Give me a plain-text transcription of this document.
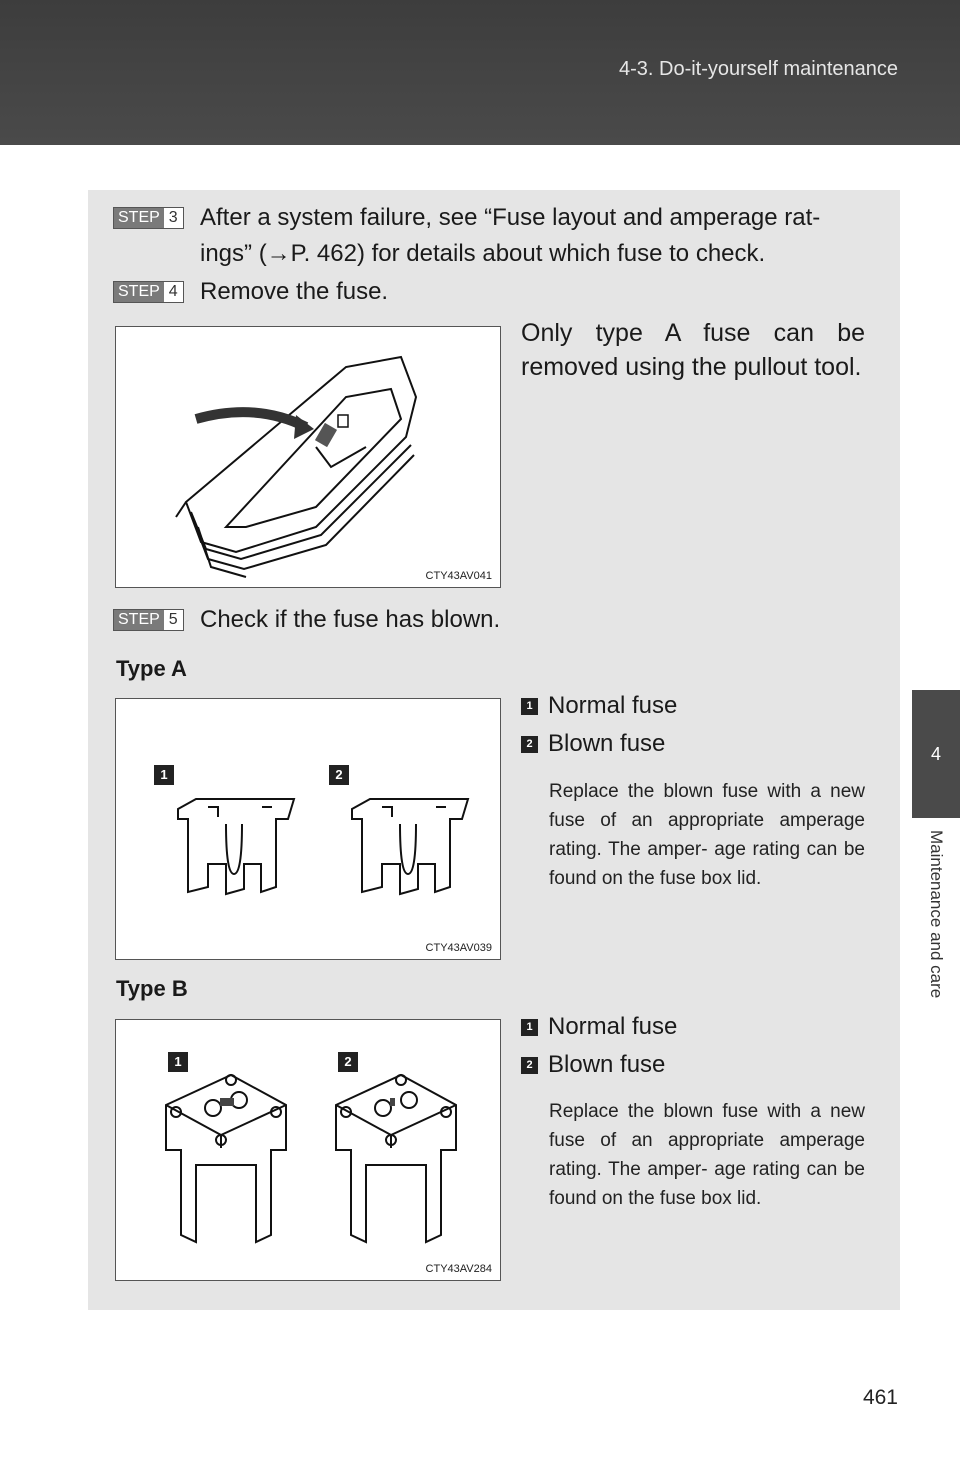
4-3. Do-it-yourself maintenance
4
Maintenance and care
STEP 3 After a system failure, see “Fuse layout and amperage rat-
ings” (→P. 462) for details about which fuse to check.
STEP 4 Remove the fuse.
Only type A fuse can be removed using the pullout tool.
CTY43AV041
STEP 5 Check if the fuse has blown.
Type A
1	2
CTY43AV039
1 Normal fuse
2 Blown fuse
Replace the blown fuse with a new fuse of an appropriate amperage rating. The amper- age rating can be found on the fuse box lid.
Type B
1	2
CTY43AV284
1 Normal fuse
2 Blown fuse
Replace the blown fuse with a new fuse of an appropriate amperage rating. The amper- age rating can be found on the fuse box lid.
461
